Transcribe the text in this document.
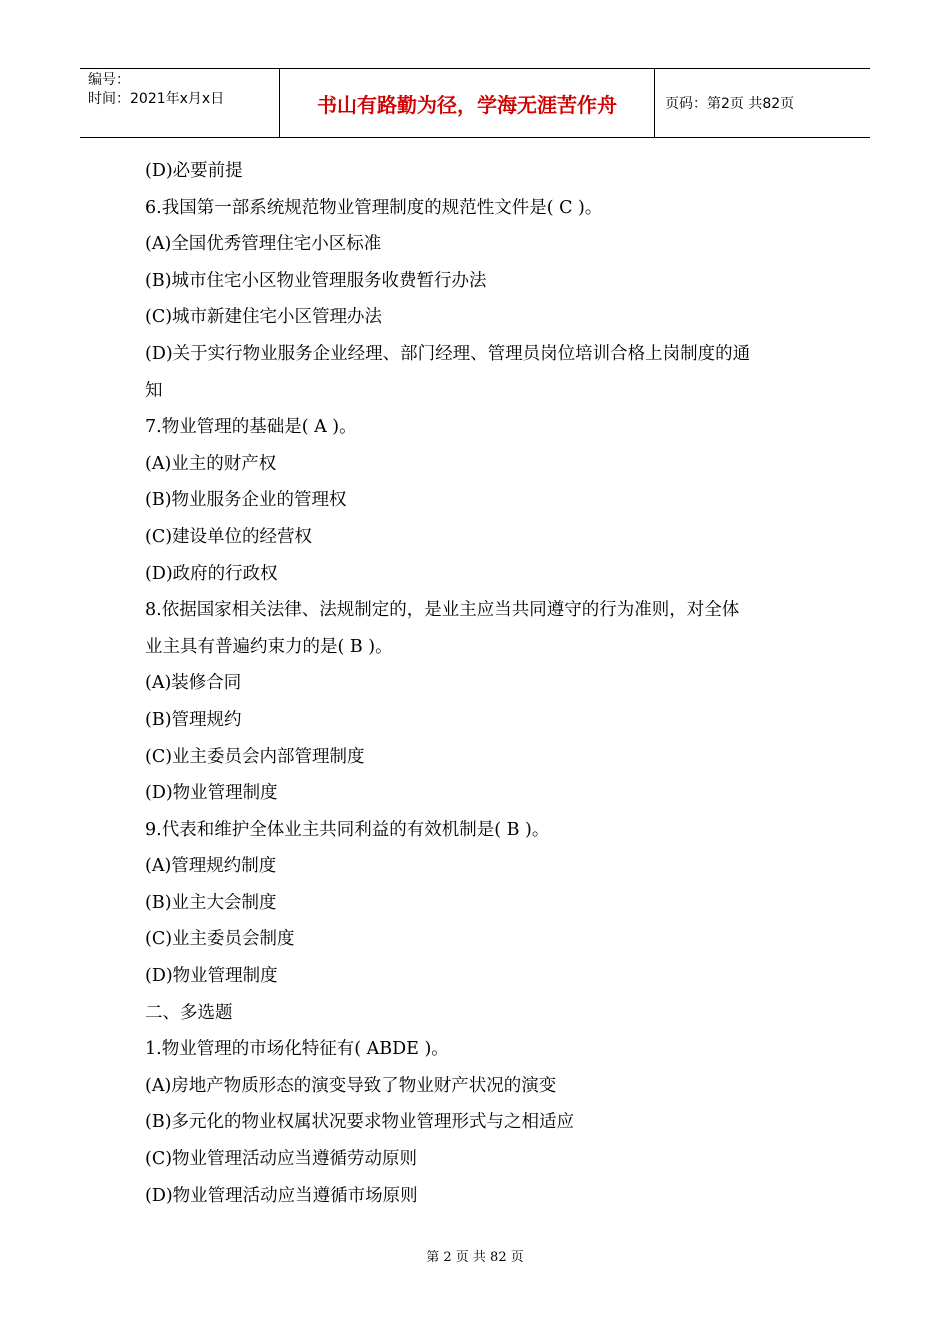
编号：
时间：2021年x月x日	书山有路勤为径，学海无涯苦作舟	页码：第2页 共82页
(D)必要前提
6.我国第一部系统规范物业管理制度的规范性文件是( C )。
(A)全国优秀管理住宅小区标准
(B)城市住宅小区物业管理服务收费暂行办法
(C)城市新建住宅小区管理办法
(D)关于实行物业服务企业经理、部门经理、管理员岗位培训合格上岗制度的通
知
7.物业管理的基础是( A )。
(A)业主的财产权
(B)物业服务企业的管理权
(C)建设单位的经营权
(D)政府的行政权
8.依据国家相关法律、法规制定的，是业主应当共同遵守的行为准则，对全体
业主具有普遍约束力的是( B )。
(A)装修合同
(B)管理规约
(C)业主委员会内部管理制度
(D)物业管理制度
9.代表和维护全体业主共同利益的有效机制是( B )。
(A)管理规约制度
(B)业主大会制度
(C)业主委员会制度
(D)物业管理制度
二、多选题
1.物业管理的市场化特征有( ABDE )。
(A)房地产物质形态的演变导致了物业财产状况的演变
(B)多元化的物业权属状况要求物业管理形式与之相适应
(C)物业管理活动应当遵循劳动原则
(D)物业管理活动应当遵循市场原则
第 2 页 共 82 页
